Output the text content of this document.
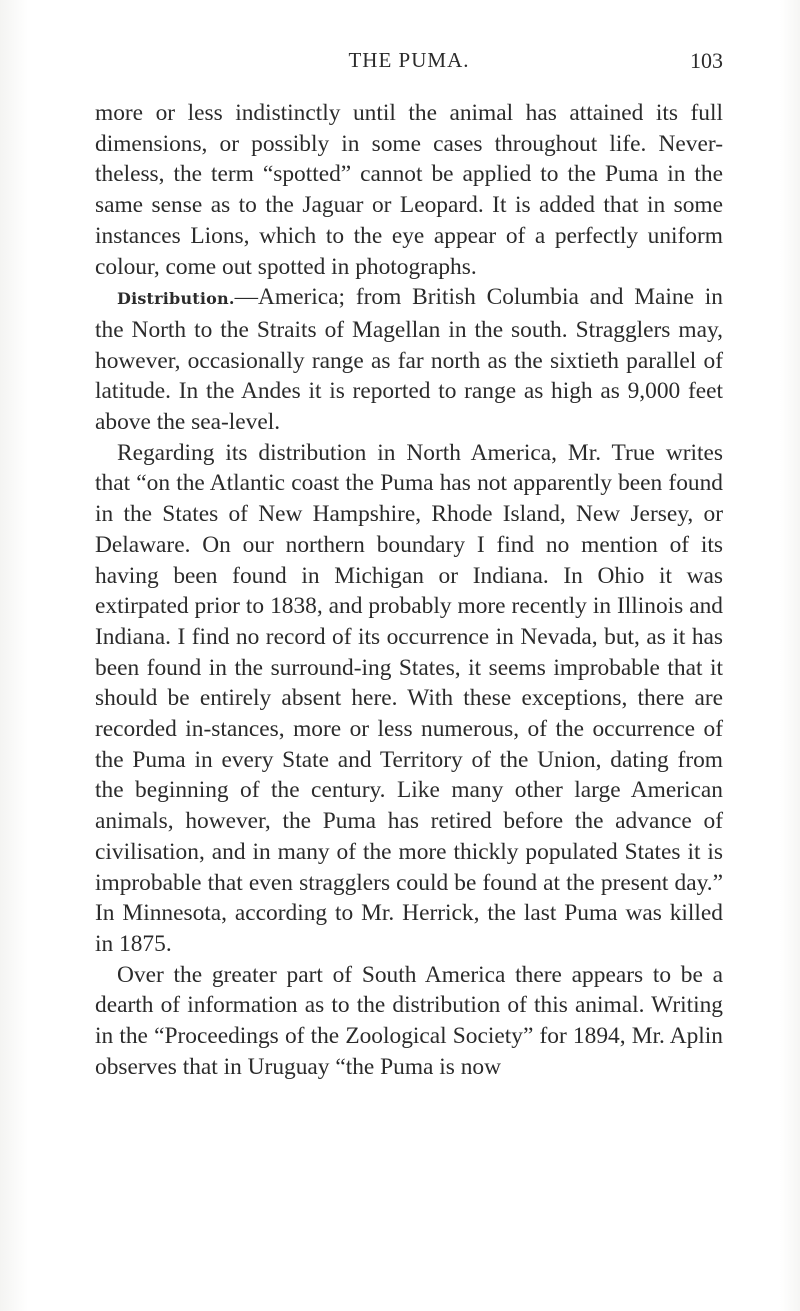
THE PUMA.	103

more or less indistinctly until the animal has attained its full dimensions, or possibly in some cases throughout life. Never-theless, the term “spotted” cannot be applied to the Puma in the same sense as to the Jaguar or Leopard. It is added that in some instances Lions, which to the eye appear of a perfectly uniform colour, come out spotted in photographs.

Distribution.—America; from British Columbia and Maine in the North to the Straits of Magellan in the south. Stragglers may, however, occasionally range as far north as the sixtieth parallel of latitude. In the Andes it is reported to range as high as 9,000 feet above the sea-level.

Regarding its distribution in North America, Mr. True writes that “on the Atlantic coast the Puma has not apparently been found in the States of New Hampshire, Rhode Island, New Jersey, or Delaware. On our northern boundary I find no mention of its having been found in Michigan or Indiana. In Ohio it was extirpated prior to 1838, and probably more recently in Illinois and Indiana. I find no record of its occurrence in Nevada, but, as it has been found in the surround-ing States, it seems improbable that it should be entirely absent here. With these exceptions, there are recorded in-stances, more or less numerous, of the occurrence of the Puma in every State and Territory of the Union, dating from the beginning of the century. Like many other large American animals, however, the Puma has retired before the advance of civilisation, and in many of the more thickly populated States it is improbable that even stragglers could be found at the present day.” In Minnesota, according to Mr. Herrick, the last Puma was killed in 1875.

Over the greater part of South America there appears to be a dearth of information as to the distribution of this animal. Writing in the “Proceedings of the Zoological Society” for 1894, Mr. Aplin observes that in Uruguay “the Puma is now
